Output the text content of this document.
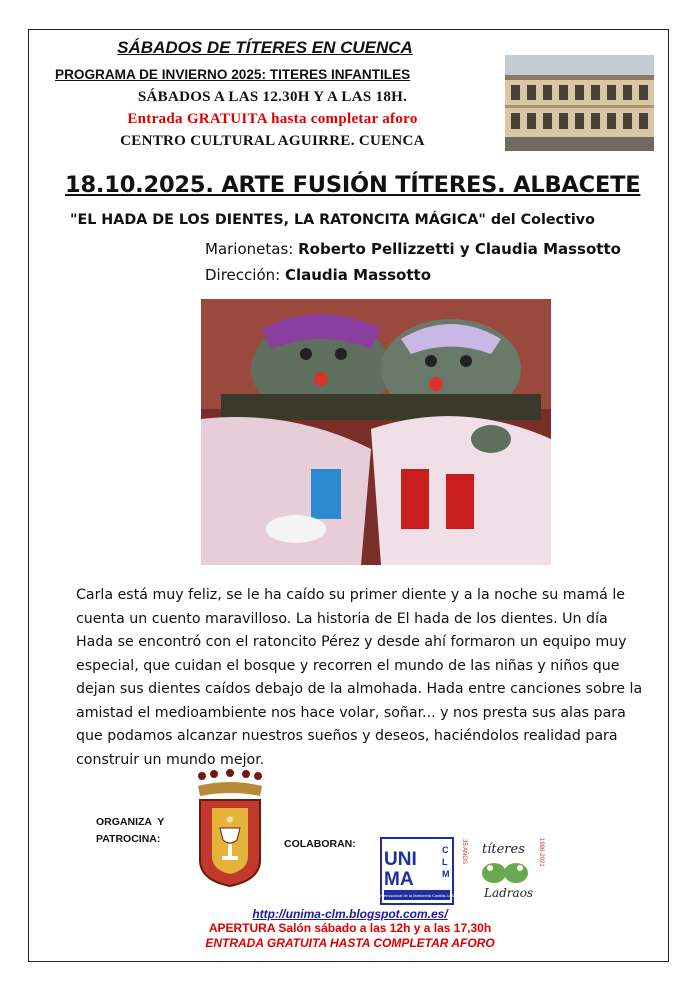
SÁBADOS DE TÍTERES EN CUENCA
PROGRAMA DE INVIERNO 2025: TITERES INFANTILES
SÁBADOS A LAS 12.30H Y A LAS 18H.
Entrada GRATUITA hasta completar aforo
CENTRO CULTURAL AGUIRRE. CUENCA
18.10.2025. ARTE FUSIÓN TÍTERES. ALBACETE
"EL HADA DE LOS DIENTES, LA RATONCITA MÁGICA" del Colectivo
Marionetas: Roberto Pellizzetti y Claudia Massotto
Dirección: Claudia Massotto

Carla está muy feliz, se le ha caído su primer diente y a la noche su mamá le cuenta un cuento maravilloso. La historia de El hada de los dientes. Un día Hada se encontró con el ratoncito Pérez y desde ahí formaron un equipo muy especial, que cuidan el bosque y recorren el mundo de las niñas y niños que dejan sus dientes caídos debajo de la almohada. Hada entre canciones sobre la amistad el medioambiente nos hace volar, soñar... y nos presta sus alas para que podamos alcanzar nuestros sueños y deseos, haciéndolos realidad para construir un mundo mejor.

ORGANIZA  Y
PATROCINA:
✵
COLABORAN:
UNI
MA
C
L
M
Unión Internacional de la Marioneta Castilla-La Mancha
35 AÑOS	1986-2021
títeres
Ladraos
http://unima-clm.blogspot.com.es/
APERTURA Salón sábado a las 12h y a las 17,30h
ENTRADA GRATUITA HASTA COMPLETAR AFORO
